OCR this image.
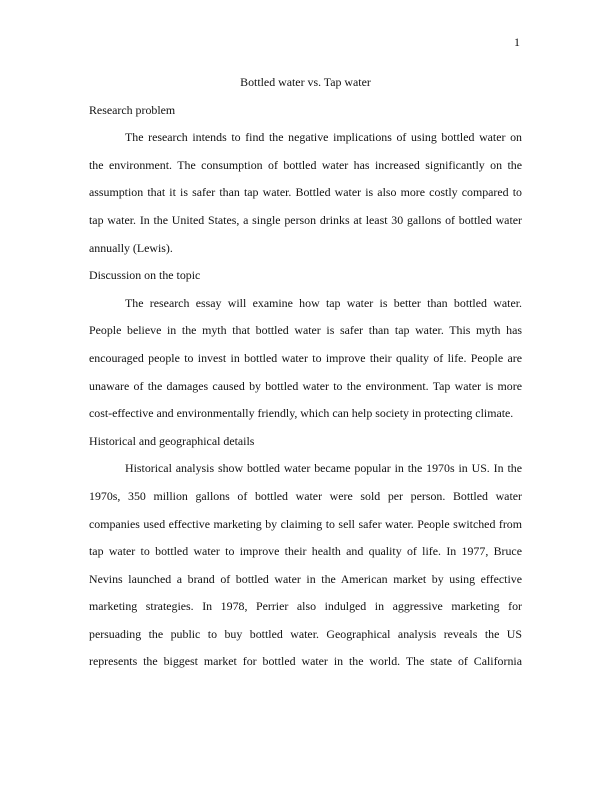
1
Bottled water vs. Tap water
Research problem
The research intends to find the negative implications of using bottled water on
the environment. The consumption of bottled water has increased significantly on the
assumption that it is safer than tap water. Bottled water is also more costly compared to
tap water. In the United States, a single person drinks at least 30 gallons of bottled water
annually (Lewis).
Discussion on the topic
The research essay will examine how tap water is better than bottled water.
People believe in the myth that bottled water is safer than tap water. This myth has
encouraged people to invest in bottled water to improve their quality of life. People are
unaware of the damages caused by bottled water to the environment. Tap water is more
cost-effective and environmentally friendly, which can help society in protecting climate.
Historical and geographical details
Historical analysis show bottled water became popular in the 1970s in US. In the
1970s, 350 million gallons of bottled water were sold per person. Bottled water
companies used effective marketing by claiming to sell safer water. People switched from
tap water to bottled water to improve their health and quality of life. In 1977, Bruce
Nevins launched a brand of bottled water in the American market by using effective
marketing strategies. In 1978, Perrier also indulged in aggressive marketing for
persuading the public to buy bottled water. Geographical analysis reveals the US
represents the biggest market for bottled water in the world. The state of California
